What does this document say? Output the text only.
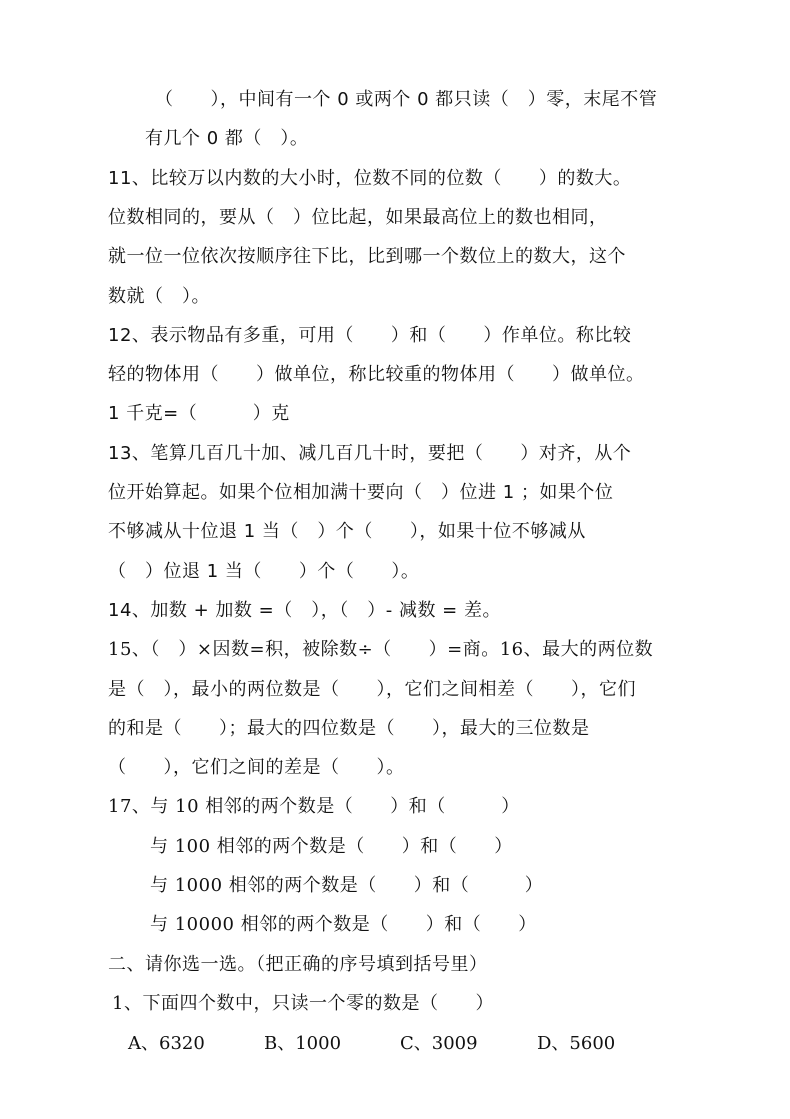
（　　），中间有一个 0 或两个 0 都只读（　）零，末尾不管
有几个 0 都（　）。
11、比较万以内数的大小时，位数不同的位数（　　）的数大。
位数相同的，要从（　）位比起，如果最高位上的数也相同，
就一位一位依次按顺序往下比，比到哪一个数位上的数大，这个
数就（　）。
12、表示物品有多重，可用（　　）和（　　）作单位。称比较
轻的物体用（　　）做单位，称比较重的物体用（　　）做单位。
1 千克=（　　　）克
13、笔算几百几十加、减几百几十时，要把（　　）对齐，从个
位开始算起。如果个位相加满十要向（　）位进 1 ；如果个位
不够减从十位退 1 当（　）个（　　），如果十位不够减从
（　）位退 1 当（　　）个（　　）。
14、加数 + 加数 =（　），（　）- 减数 = 差。
15、（　）×因数=积，被除数÷（　　）=商。16、最大的两位数
是（　），最小的两位数是（　　），它们之间相差（　　），它们
的和是（　　）；最大的四位数是（　　），最大的三位数是
（　　），它们之间的差是（　　）。
17、与 10 相邻的两个数是（　　）和（　　　）
与 100 相邻的两个数是（　　）和（　　）
与 1000 相邻的两个数是（　　）和（　　　）
与 10000 相邻的两个数是（　　）和（　　）
二、请你选一选。（把正确的序号填到括号里）
1、下面四个数中，只读一个零的数是（　　）
A、6320	B、1000	C、3009	D、5600
